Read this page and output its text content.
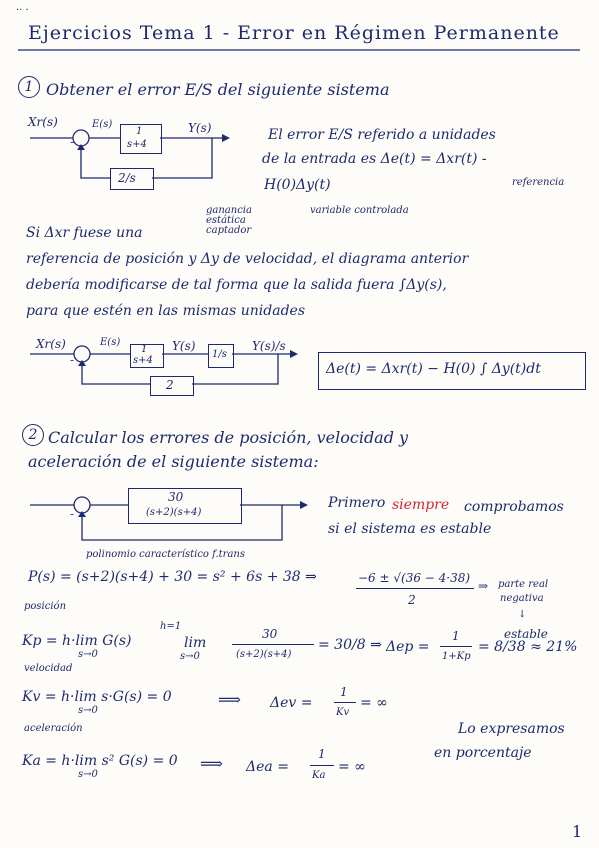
·· ·
Ejercicios Tema 1 - Error en Régimen Permanente
1 Obtener el error E/S del siguiente sistema
Xr(s)	E(s)
-
1
s+4
Y(s)
2/s
El error E/S referido a unidades
de la entrada es Δe(t) = Δxr(t) -
H(0)Δy(t)	referencia
ganancia estática captador
variable controlada
Si Δxr fuese una
referencia de posición y Δy de velocidad, el diagrama anterior
debería modificarse de tal forma que la salida fuera ∫Δy(s),
para que estén en las mismas unidades
Xr(s)	E(s)
-
1
s+4
Y(s)
1/s
Y(s)/s
2
Δe(t) = Δxr(t) − H(0) ∫ Δy(t)dt
2 Calcular los errores de posición, velocidad y
aceleración de el siguiente sistema:
-
30
(s+2)(s+4)
Primero siempre comprobamos
si el sistema es estable
polinomio característico f.trans
P(s) = (s+2)(s+4) + 30 = s² + 6s + 38 ⇒	−6 ± √(36 − 4·38)
2
⇒ parte real
negativa
↓
estable
posición
Kp = h·lim G(s)
s→0
h=1
lim
s→0
30
(s+2)(s+4)
= 30/8 ⇒ Δep =
1
1+Kp
= 8/38 ≈ 21%
velocidad
Kv = h·lim s·G(s) = 0
s→0
⟹ Δev =
1
Kv
= ∞
aceleración
Ka = h·lim s² G(s) = 0
s→0
⟹ Δea =
1
Ka
= ∞
Lo expresamos
en porcentaje
1
